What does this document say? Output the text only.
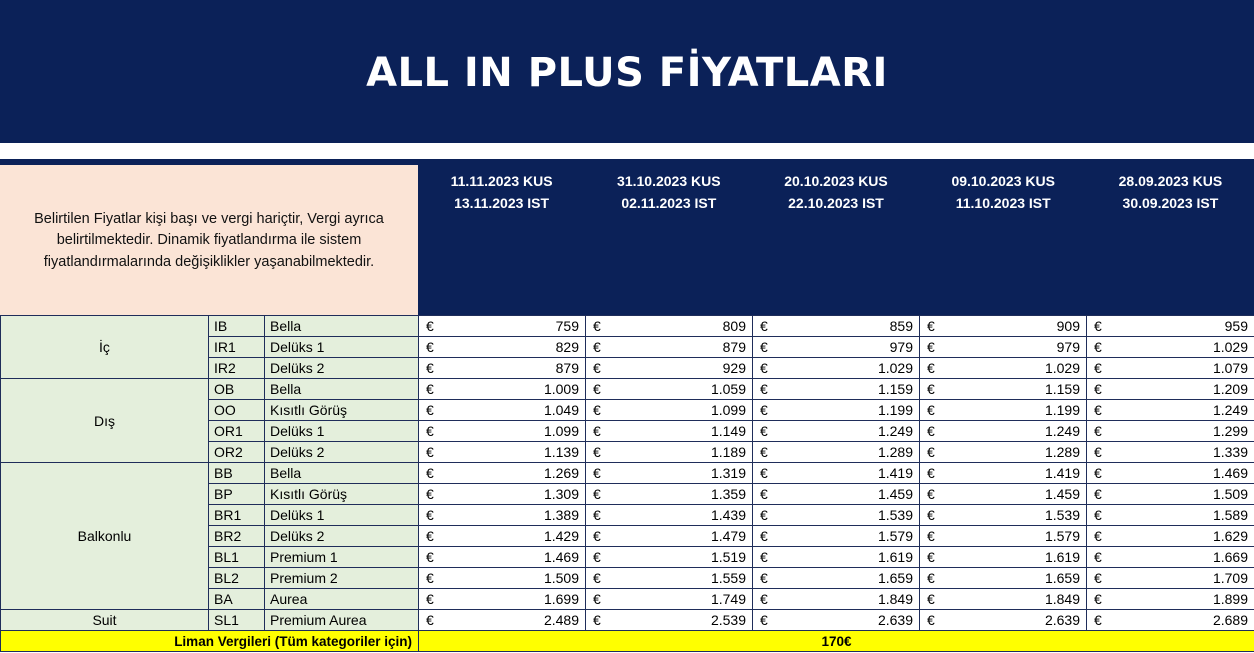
ALL IN PLUS FİYATLARI
Belirtilen Fiyatlar kişi başı ve vergi hariçtir, Vergi ayrıca belirtilmektedir. Dinamik fiyatlandırma ile sistem fiyatlandırmalarında değişiklikler yaşanabilmektedir.
11.11.2023 KUS
13.11.2023 IST
31.10.2023 KUS
02.11.2023 IST
20.10.2023 KUS
22.10.2023 IST
09.10.2023 KUS
11.10.2023 IST
28.09.2023 KUS
30.09.2023 IST
İç	IB	Bella	€	759	€	809	€	859	€	909	€	959
	IR1	Delüks 1	€	829	€	879	€	979	€	979	€	1.029
	IR2	Delüks 2	€	879	€	929	€	1.029	€	1.029	€	1.079
Dış	OB	Bella	€	1.009	€	1.059	€	1.159	€	1.159	€	1.209
	OO	Kısıtlı Görüş	€	1.049	€	1.099	€	1.199	€	1.199	€	1.249
	OR1	Delüks 1	€	1.099	€	1.149	€	1.249	€	1.249	€	1.299
	OR2	Delüks 2	€	1.139	€	1.189	€	1.289	€	1.289	€	1.339
Balkonlu	BB	Bella	€	1.269	€	1.319	€	1.419	€	1.419	€	1.469
	BP	Kısıtlı Görüş	€	1.309	€	1.359	€	1.459	€	1.459	€	1.509
	BR1	Delüks 1	€	1.389	€	1.439	€	1.539	€	1.539	€	1.589
	BR2	Delüks 2	€	1.429	€	1.479	€	1.579	€	1.579	€	1.629
	BL1	Premium 1	€	1.469	€	1.519	€	1.619	€	1.619	€	1.669
	BL2	Premium 2	€	1.509	€	1.559	€	1.659	€	1.659	€	1.709
	BA	Aurea	€	1.699	€	1.749	€	1.849	€	1.849	€	1.899
Suit	SL1	Premium Aurea	€	2.489	€	2.539	€	2.639	€	2.639	€	2.689
Liman Vergileri (Tüm kategoriler için)			170€									
